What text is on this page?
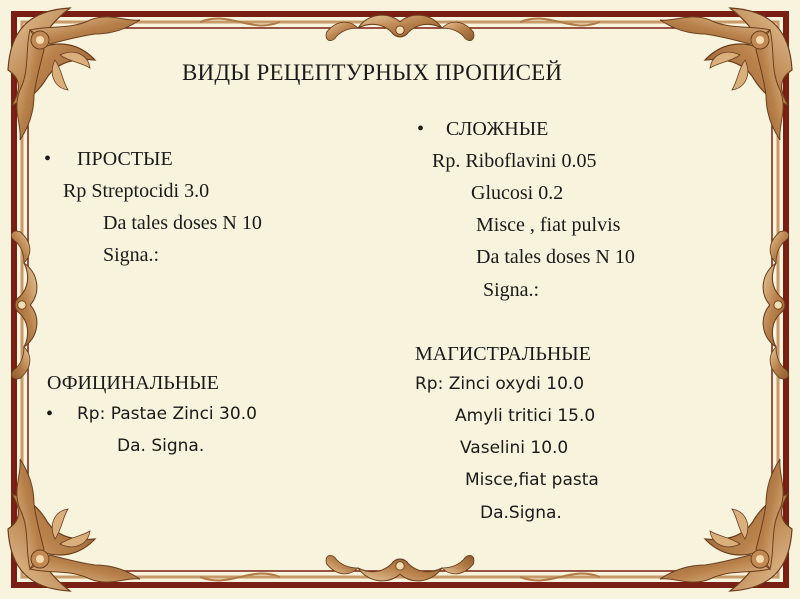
ВИДЫ РЕЦЕПТУРНЫХ ПРОПИСЕЙ
• ПРОСТЫЕ
Rp Streptocidi 3.0
Da tales doses N 10
Signa.:
• СЛОЖНЫЕ
Rp. Riboflavini 0.05
Glucosi 0.2
Misce , fiat pulvis
Da tales doses N 10
Signa.:
ОФИЦИНАЛЬНЫЕ
• Rp: Pastae Zinci 30.0
Da. Signa.
МАГИСТРАЛЬНЫЕ
Rp: Zinci oxydi 10.0
Amyli tritici 15.0
Vaselini 10.0
Misce,fiat pasta
Da.Signa.
